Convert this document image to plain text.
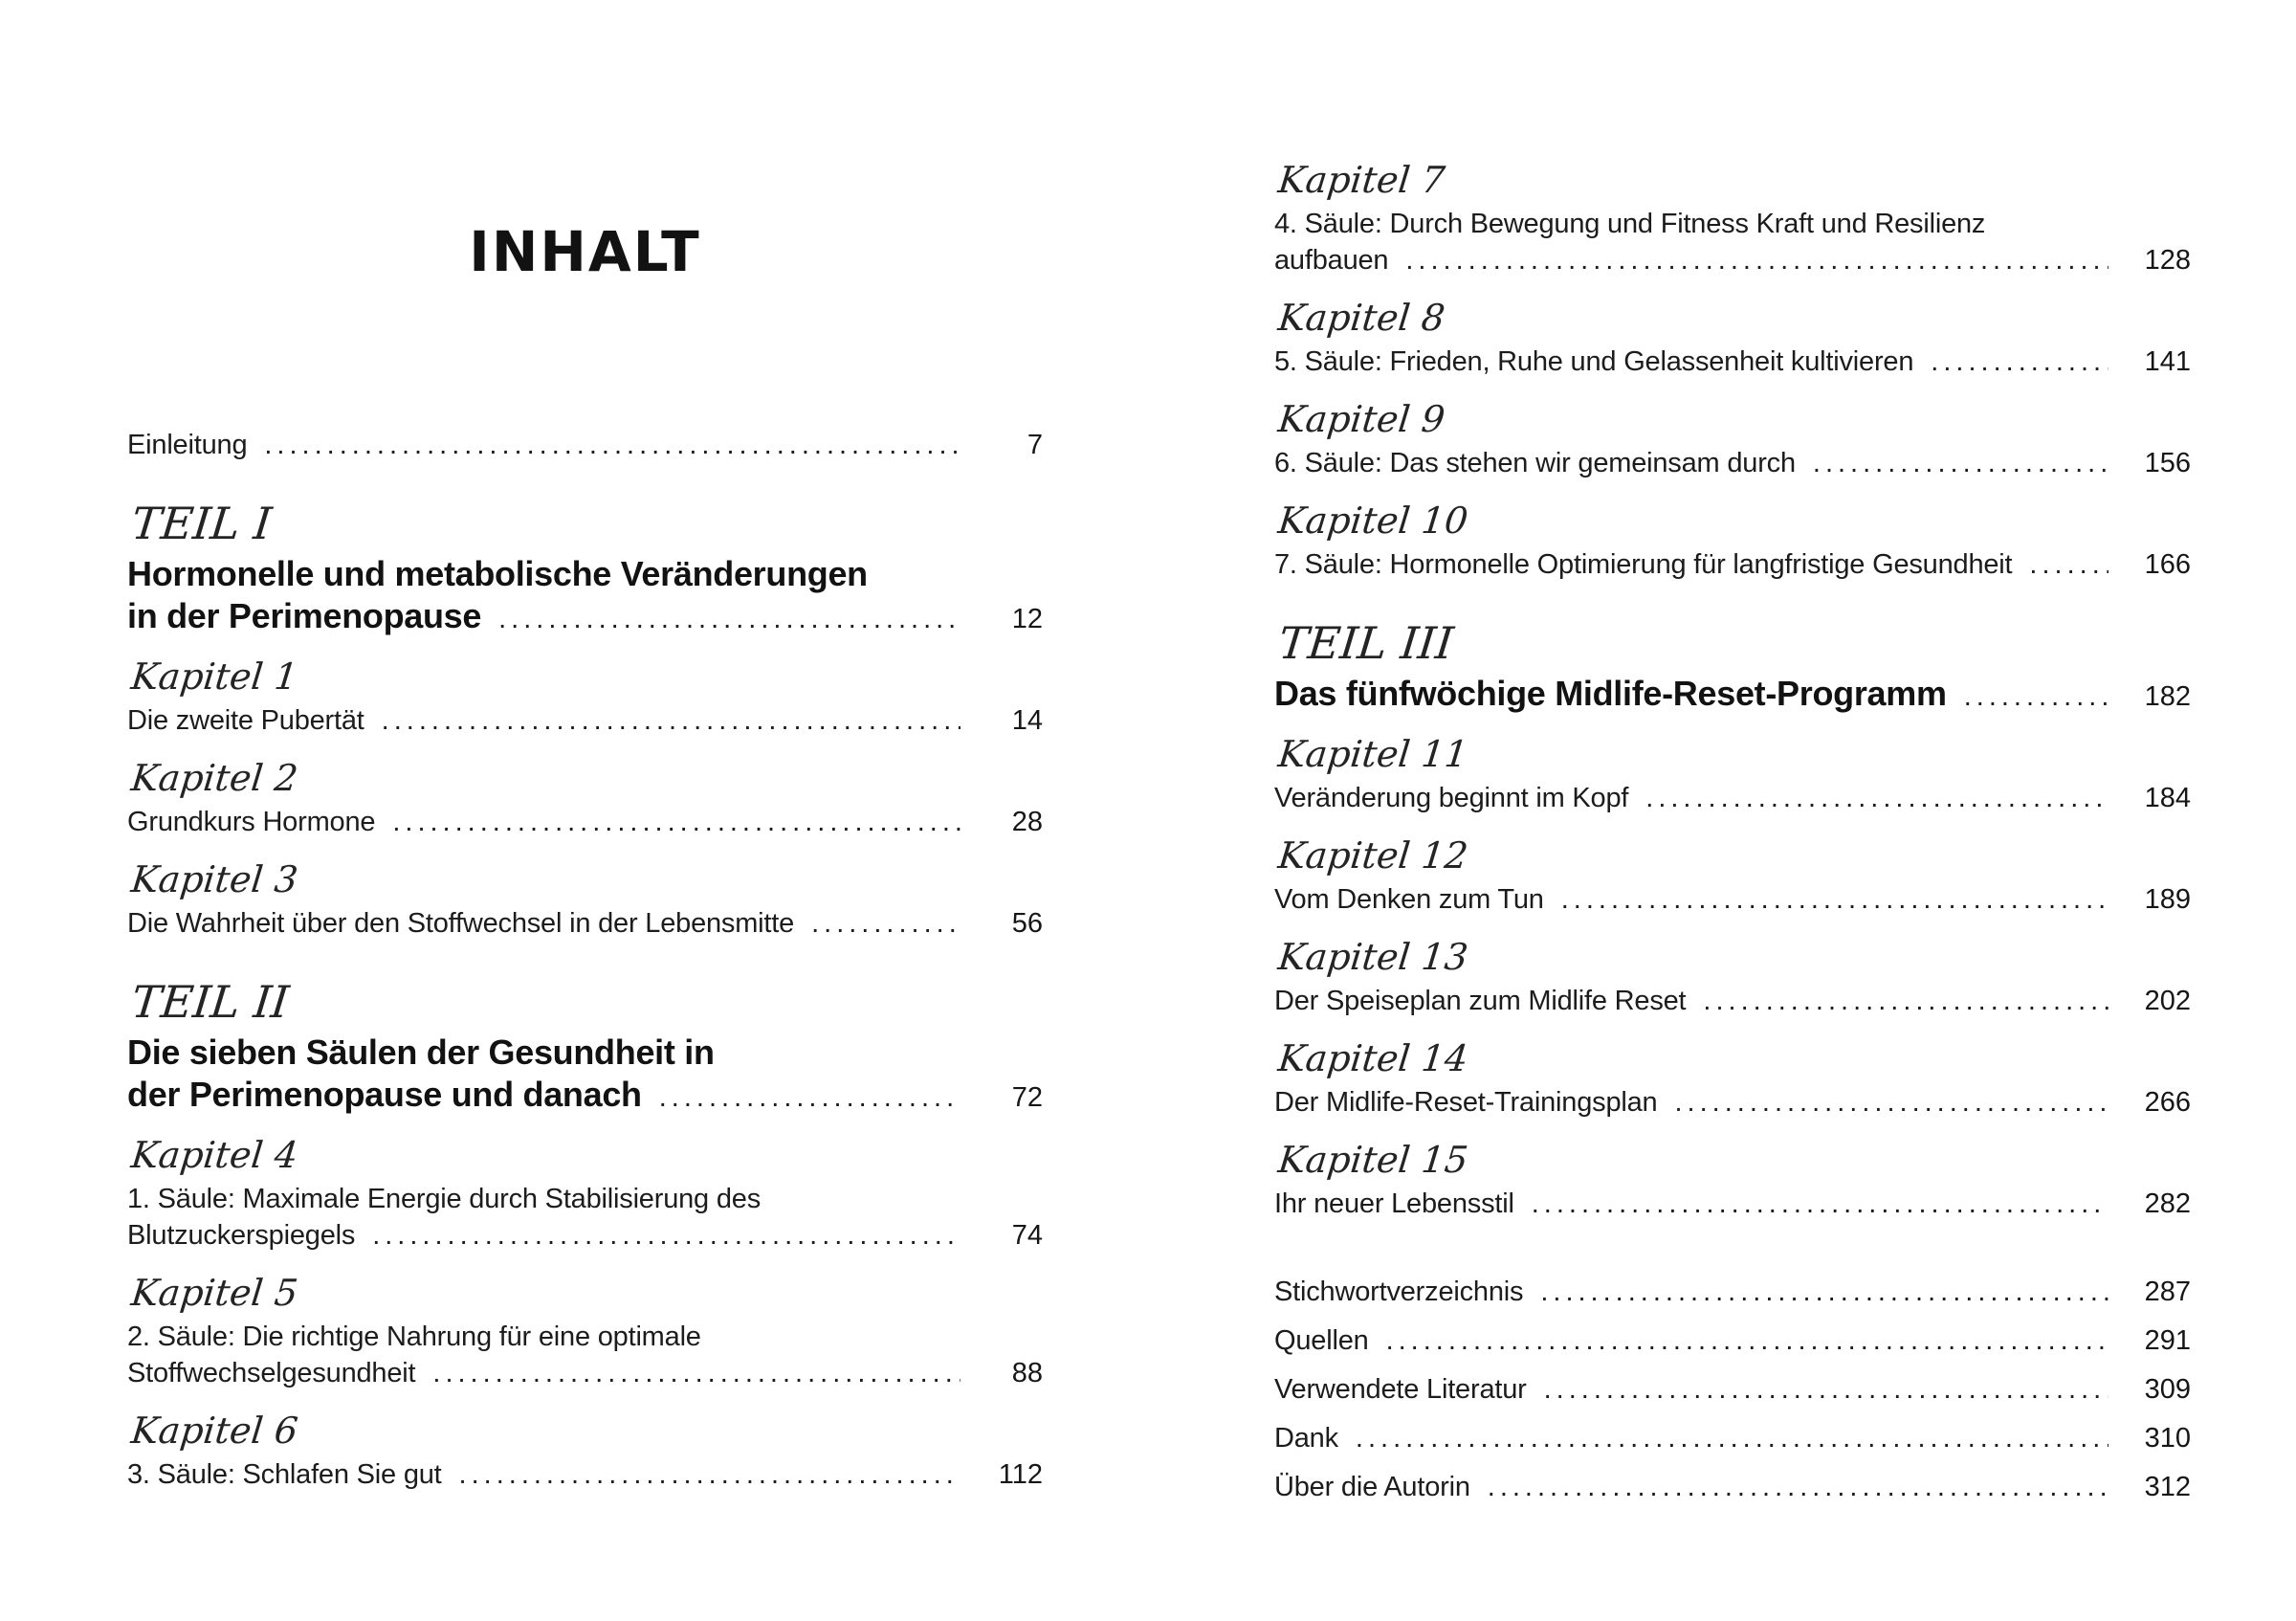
INHALT
Einleitung .....	7
TEIL I
Hormonelle und metabolische Veränderungen
in der Perimenopause .....	12
Kapitel 1
Die zweite Pubertät .....	14
Kapitel 2
Grundkurs Hormone .....	28
Kapitel 3
Die Wahrheit über den Stoffwechsel in der Lebensmitte .....	56
TEIL II
Die sieben Säulen der Gesundheit in
der Perimenopause und danach .....	72
Kapitel 4
1. Säule: Maximale Energie durch Stabilisierung des
Blutzuckerspiegels .....	74
Kapitel 5
2. Säule: Die richtige Nahrung für eine optimale
Stoffwechselgesundheit .....	88
Kapitel 6
3. Säule: Schlafen Sie gut .....	112
Kapitel 7
4. Säule: Durch Bewegung und Fitness Kraft und Resilienz
aufbauen .....	128
Kapitel 8
5. Säule: Frieden, Ruhe und Gelassenheit kultivieren .....	141
Kapitel 9
6. Säule: Das stehen wir gemeinsam durch .....	156
Kapitel 10
7. Säule: Hormonelle Optimierung für langfristige Gesundheit .....	166
TEIL III
Das fünfwöchige Midlife-Reset-Programm .....	182
Kapitel 11
Veränderung beginnt im Kopf .....	184
Kapitel 12
Vom Denken zum Tun .....	189
Kapitel 13
Der Speiseplan zum Midlife Reset .....	202
Kapitel 14
Der Midlife-Reset-Trainingsplan .....	266
Kapitel 15
Ihr neuer Lebensstil .....	282
Stichwortverzeichnis .....	287
Quellen .....	291
Verwendete Literatur .....	309
Dank .....	310
Über die Autorin .....	312
